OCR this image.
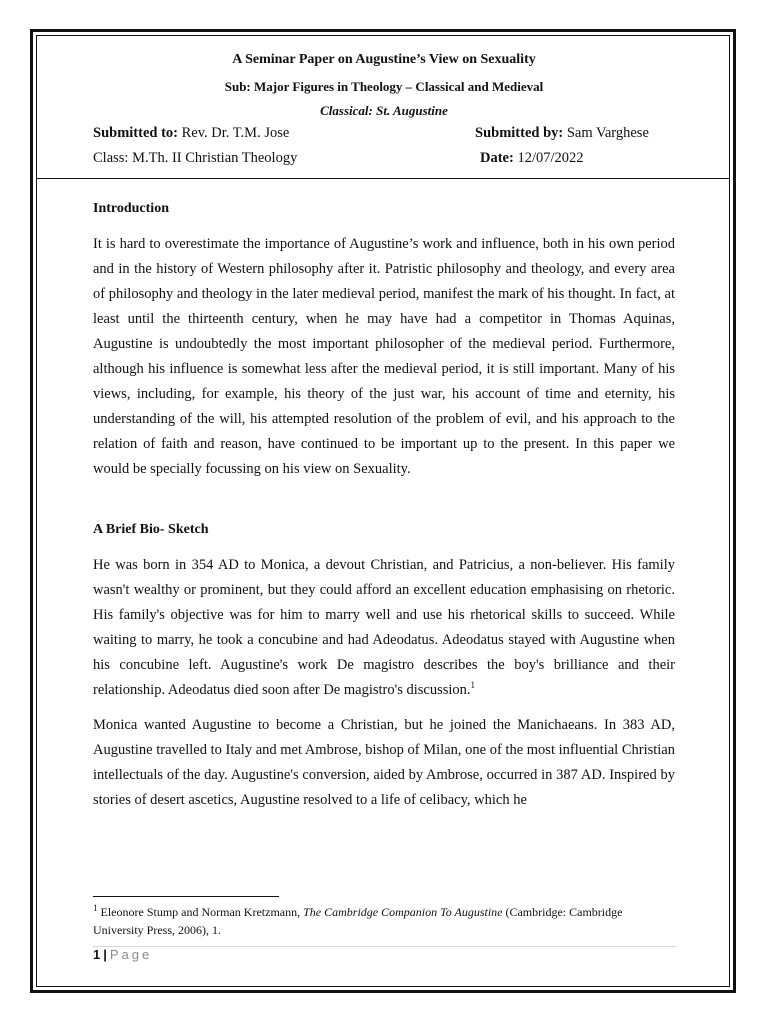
A Seminar Paper on Augustine’s View on Sexuality
Sub: Major Figures in Theology – Classical and Medieval
Classical: St. Augustine
Submitted to: Rev. Dr. T.M. Jose	Submitted by: Sam Varghese
Class: M.Th. II Christian Theology	Date: 12/07/2022
Introduction
It is hard to overestimate the importance of Augustine’s work and influence, both in his own period and in the history of Western philosophy after it. Patristic philosophy and theology, and every area of philosophy and theology in the later medieval period, manifest the mark of his thought. In fact, at least until the thirteenth century, when he may have had a competitor in Thomas Aquinas, Augustine is undoubtedly the most important philosopher of the medieval period. Furthermore, although his influence is somewhat less after the medieval period, it is still important. Many of his views, including, for example, his theory of the just war, his account of time and eternity, his understanding of the will, his attempted resolution of the problem of evil, and his approach to the relation of faith and reason, have continued to be important up to the present. In this paper we would be specially focussing on his view on Sexuality.
A Brief Bio- Sketch
He was born in 354 AD to Monica, a devout Christian, and Patricius, a non-believer. His family wasn't wealthy or prominent, but they could afford an excellent education emphasising on rhetoric. His family's objective was for him to marry well and use his rhetorical skills to succeed. While waiting to marry, he took a concubine and had Adeodatus. Adeodatus stayed with Augustine when his concubine left. Augustine's work De magistro describes the boy's brilliance and their relationship. Adeodatus died soon after De magistro's discussion.$^1$
Monica wanted Augustine to become a Christian, but he joined the Manichaeans. In 383 AD, Augustine travelled to Italy and met Ambrose, bishop of Milan, one of the most influential Christian intellectuals of the day. Augustine's conversion, aided by Ambrose, occurred in 387 AD. Inspired by stories of desert ascetics, Augustine resolved to a life of celibacy, which he
$^1$ Eleonore Stump and Norman Kretzmann, The Cambridge Companion To Augustine (Cambridge: Cambridge University Press, 2006), 1.
1 | Page
